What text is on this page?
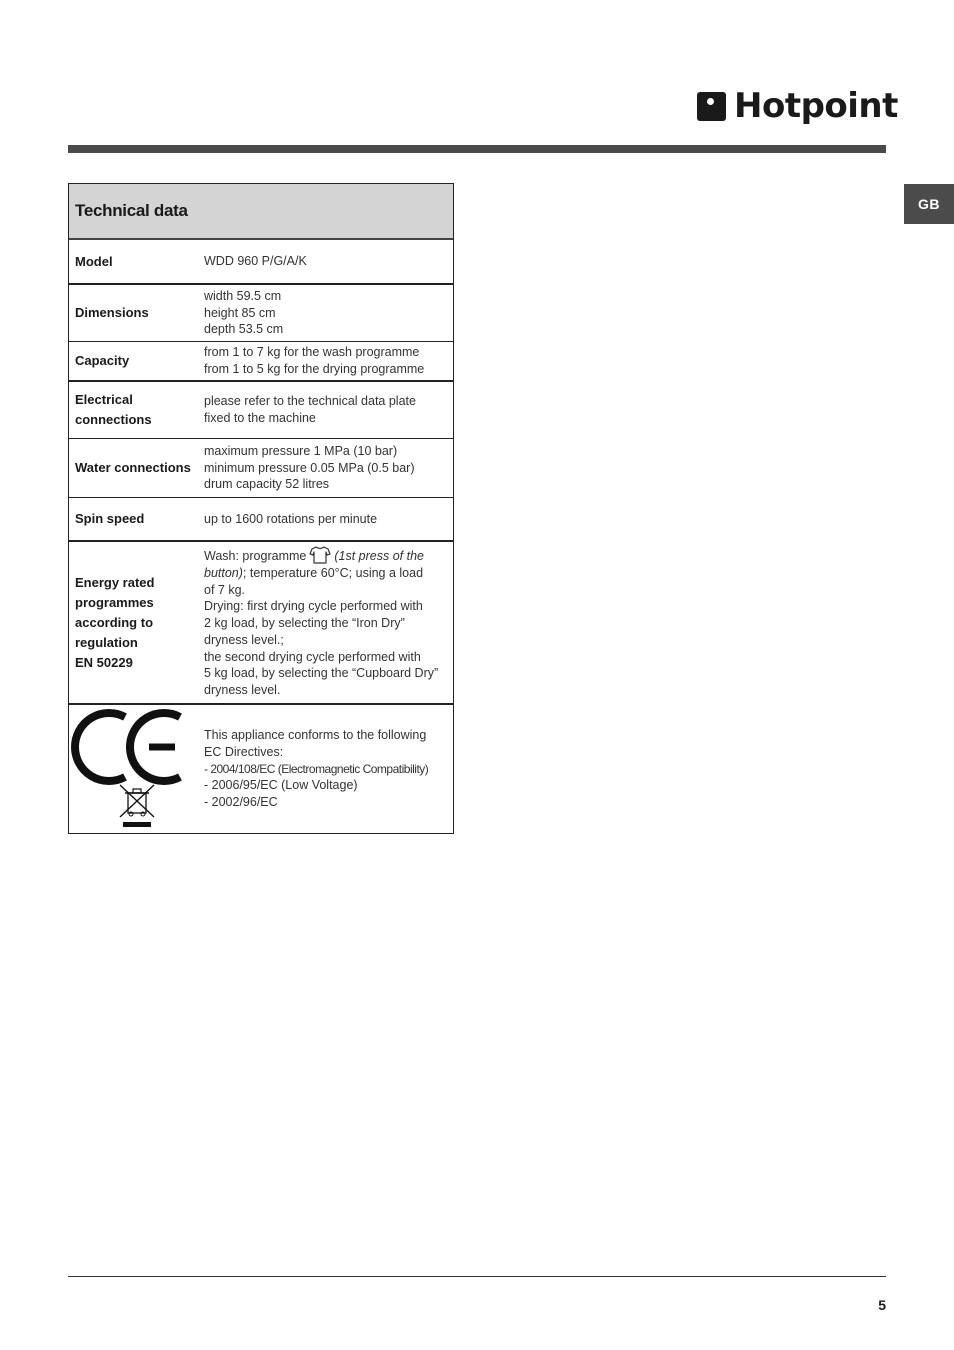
Hotpoint
GB
Technical data
Model	WDD 960 P/G/A/K
Dimensions
width 59.5 cm
height 85 cm
depth 53.5 cm
Capacity
from 1 to 7 kg for the wash programme
from 1 to 5 kg for the drying programme
Electrical
connections
please refer to the technical data plate
fixed to the machine
Water connections
maximum pressure 1 MPa (10 bar)
minimum pressure 0.05 MPa (0.5 bar)
drum capacity 52 litres
Spin speed	up to 1600 rotations per minute
Energy rated
programmes
according to
regulation
EN 50229
Wash: programme (1st press of the
button); temperature 60°C; using a load
of 7 kg.
Drying: first drying cycle performed with
2 kg load, by selecting the “Iron Dry”
dryness level.;
the second drying cycle performed with
5 kg load, by selecting the “Cupboard Dry”
dryness level.
This appliance conforms to the following
EC Directives:
- 2004/108/EC (Electromagnetic Compatibility)
- 2006/95/EC (Low Voltage)
- 2002/96/EC
5
